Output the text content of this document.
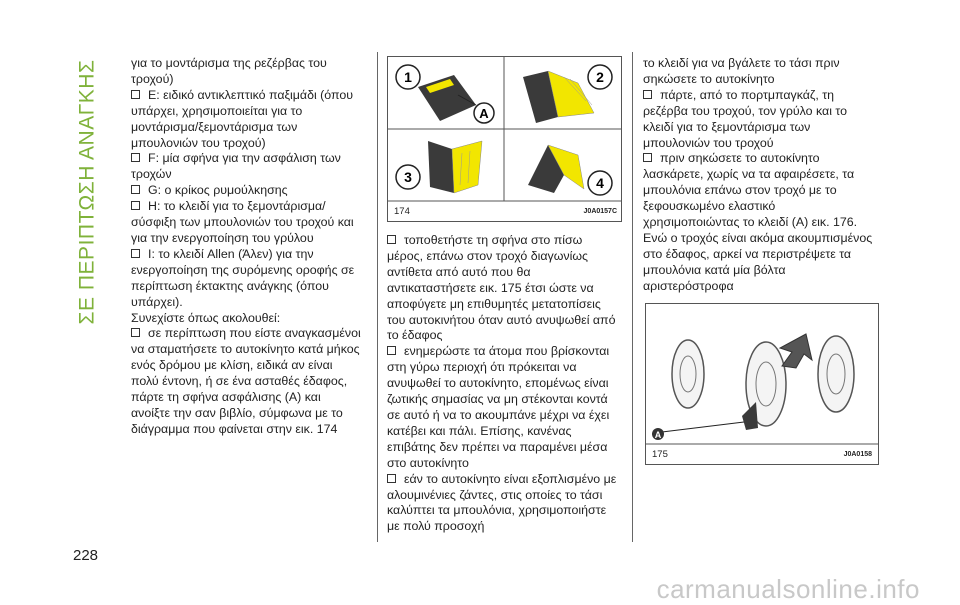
ΣΕ ΠΕΡΙΠΤΩΣΗ ΑΝΑΓΚΗΣ	για το μοντάρισμα της ρεζέρβας του τροχού)

E: ειδικό αντικλεπτικό παξιμάδι (όπου υπάρχει, χρησιμοποιείται για το μοντάρισμα/ξεμοντάρισμα των μπουλονιών του τροχού)

F: μία σφήνα για την ασφάλιση των τροχών

G: ο κρίκος ρυμούλκησης

H: το κλειδί για το ξεμοντάρισμα/σύσφιξη των μπουλονιών του τροχού και για την ενεργοποίηση του γρύλου

I: το κλειδί Allen (Άλεν) για την ενεργοποίηση της συρόμενης οροφής σε περίπτωση έκτακτης ανάγκης (όπου υπάρχει).

Συνεχίστε όπως ακολουθεί:

σε περίπτωση που είστε αναγκασμένοι να σταματήσετε το αυτοκίνητο κατά μήκος ενός δρόμου με κλίση, ειδικά αν είναι πολύ έντονη, ή σε ένα ασταθές έδαφος, πάρτε τη σφήνα ασφάλισης (A) και ανοίξτε την σαν βιβλίο, σύμφωνα με το διάγραμμα που φαίνεται στην εικ. 174

1	2
3	4
A
174	J0A0157C

τοποθετήστε τη σφήνα στο πίσω μέρος, επάνω στον τροχό διαγωνίως αντίθετα από αυτό που θα αντικαταστήσετε εικ. 175 έτσι ώστε να αποφύγετε μη επιθυμητές μετατοπίσεις του αυτοκινήτου όταν αυτό ανυψωθεί από το έδαφος

ενημερώστε τα άτομα που βρίσκονται στη γύρω περιοχή ότι πρόκειται να ανυψωθεί το αυτοκίνητο, επομένως είναι ζωτικής σημασίας να μη στέκονται κοντά σε αυτό ή να το ακουμπάνε μέχρι να έχει κατέβει και πάλι. Επίσης, κανένας επιβάτης δεν πρέπει να παραμένει μέσα στο αυτοκίνητο

εάν το αυτοκίνητο είναι εξοπλισμένο με αλουμινένιες ζάντες, στις οποίες το τάσι καλύπτει τα μπουλόνια, χρησιμοποιήστε με πολύ προσοχή

το κλειδί για να βγάλετε το τάσι πριν σηκώσετε το αυτοκίνητο

πάρτε, από το πορτμπαγκάζ, τη ρεζέρβα του τροχού, τον γρύλο και το κλειδί για το ξεμοντάρισμα των μπουλονιών του τροχού

πριν σηκώσετε το αυτοκίνητο λασκάρετε, χωρίς να τα αφαιρέσετε, τα μπουλόνια επάνω στον τροχό με το ξεφουσκωμένο ελαστικό χρησιμοποιώντας το κλειδί (A) εικ. 176. Ενώ ο τροχός είναι ακόμα ακουμπισμένος στο έδαφος, αρκεί να περιστρέψετε τα μπουλόνια κατά μία βόλτα αριστερόστροφα

A
175	J0A0158
228
carmanualsonline.info
